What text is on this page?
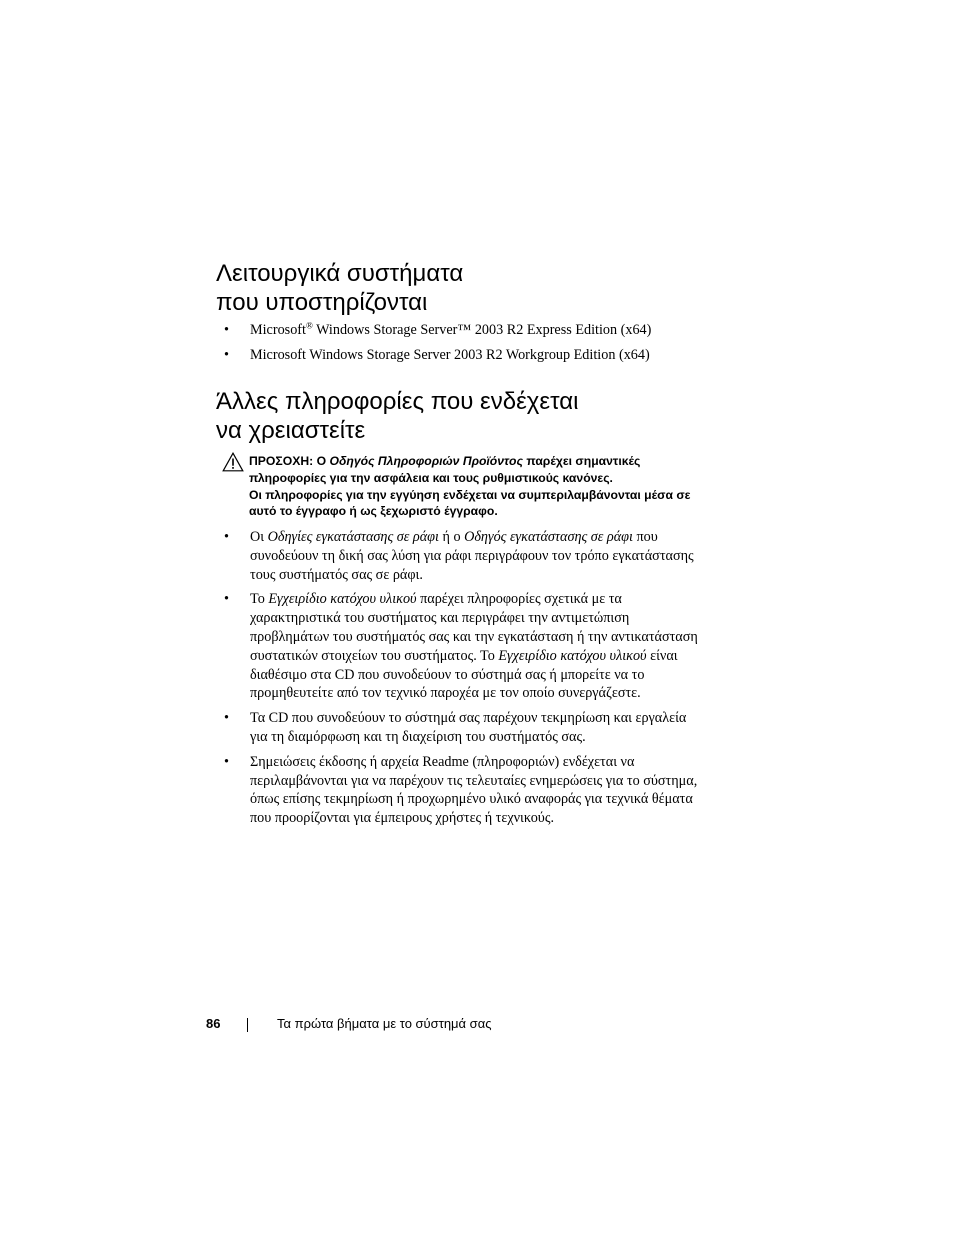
Λειτουργικά συστήματα
που υποστηρίζονται
• Microsoft® Windows Storage Server™ 2003 R2 Express Edition (x64)
• Microsoft Windows Storage Server 2003 R2 Workgroup Edition (x64)
Άλλες πληροφορίες που ενδέχεται
να χρειαστείτε
ΠΡΟΣΟΧΗ: Ο Οδηγός Πληροφοριών Προϊόντος παρέχει σημαντικές πληροφορίες για την ασφάλεια και τους ρυθμιστικούς κανόνες.
Οι πληροφορίες για την εγγύηση ενδέχεται να συμπεριλαμβάνονται μέσα σε αυτό το έγγραφο ή ως ξεχωριστό έγγραφο.
• Οι Οδηγίες εγκατάστασης σε ράφι ή ο Οδηγός εγκατάστασης σε ράφι που συνοδεύουν τη δική σας λύση για ράφι περιγράφουν τον τρόπο εγκατάστασης τους συστήματός σας σε ράφι.
• Το Εγχειρίδιο κατόχου υλικού παρέχει πληροφορίες σχετικά με τα χαρακτηριστικά του συστήματος και περιγράφει την αντιμετώπιση προβλημάτων του συστήματός σας και την εγκατάσταση ή την αντικατάσταση συστατικών στοιχείων του συστήματος. Το Εγχειρίδιο κατόχου υλικού είναι διαθέσιμο στα CD που συνοδεύουν το σύστημά σας ή μπορείτε να το προμηθευτείτε από τον τεχνικό παροχέα με τον οποίο συνεργάζεστε.
• Τα CD που συνοδεύουν το σύστημά σας παρέχουν τεκμηρίωση και εργαλεία για τη διαμόρφωση και τη διαχείριση του συστήματός σας.
• Σημειώσεις έκδοσης ή αρχεία Readme (πληροφοριών) ενδέχεται να περιλαμβάνονται για να παρέχουν τις τελευταίες ενημερώσεις για το σύστημα, όπως επίσης τεκμηρίωση ή προχωρημένο υλικό αναφοράς για τεχνικά θέματα που προορίζονται για έμπειρους χρήστες ή τεχνικούς.
86	Τα πρώτα βήματα με το σύστημά σας
